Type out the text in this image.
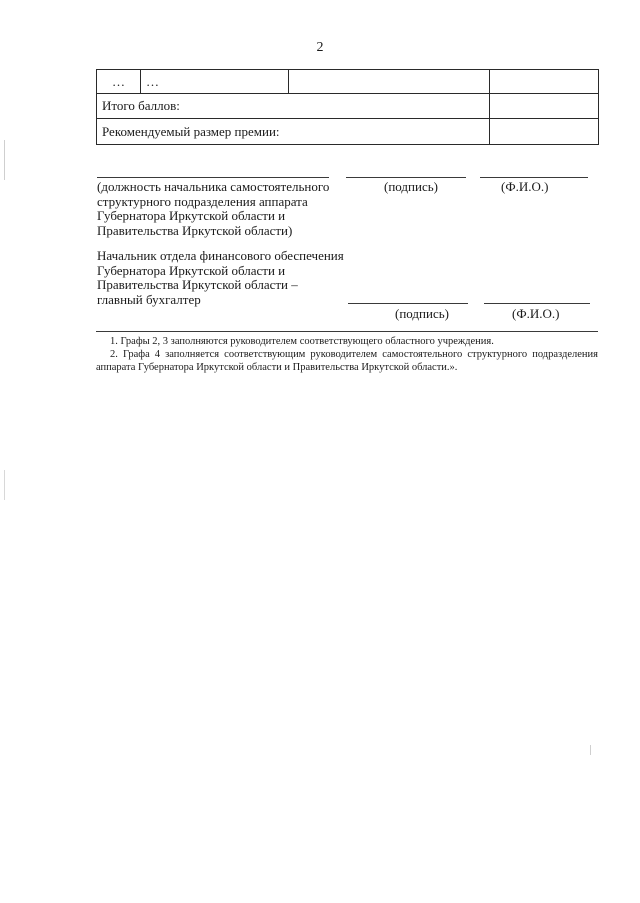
2
…	…		
Итого баллов:			
Рекомендуемый размер премии:			
(должность начальника самостоятельного
структурного подразделения аппарата
Губернатора Иркутской области и
Правительства Иркутской области)
(подпись)	(Ф.И.О.)
Начальник отдела финансового обеспечения
Губернатора Иркутской области и
Правительства Иркутской области –
главный бухгалтер
(подпись)	(Ф.И.О.)

1. Графы 2, 3 заполняются руководителем соответствующего областного учреждения.

2. Графа 4 заполняется соответствующим руководителем самостоятельного структурного подразделения аппарата Губернатора Иркутской области и Правительства Иркутской области.».
